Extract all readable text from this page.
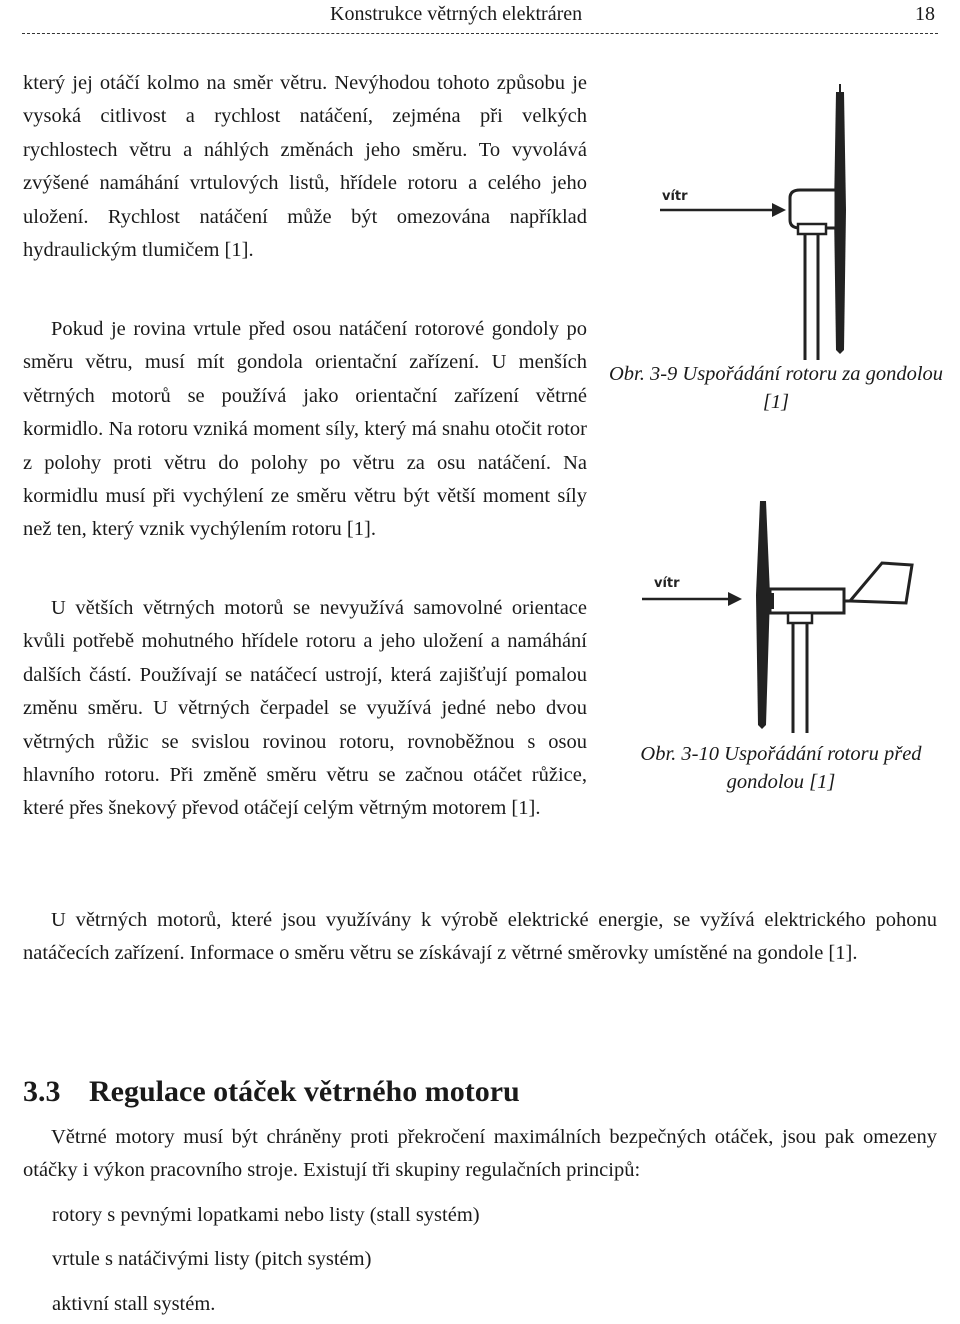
Konstrukce větrných elektráren	18

který jej otáčí kolmo na směr větru. Nevýhodou tohoto způsobu je vysoká citlivost a rychlost natáčení, zejména při velkých rychlostech větru a náhlých změnách jeho směru. To vyvolává zvýšené namáhání vrtulových listů, hřídele rotoru a celého jeho uložení. Rychlost natáčení může být omezována například hydraulickým tlumičem [1].

Pokud je rovina vrtule před osou natáčení rotorové gondoly po směru větru, musí mít gondola orientační zařízení. U menších větrných motorů se používá jako orientační zařízení větrné kormidlo. Na rotoru vzniká moment síly, který má snahu otočit rotor z polohy proti větru do polohy po větru za osu natáčení. Na kormidlu musí při vychýlení ze směru větru být větší moment síly než ten, který vznik vychýlením rotoru [1].

U větších větrných motorů se nevyužívá samovolné orientace kvůli potřebě mohutného hřídele rotoru a jeho uložení a namáhání dalších částí. Používají se natáčecí ustrojí, která zajišťují pomalou změnu směru. U větrných čerpadel se využívá jedné nebo dvou větrných růžic se svislou rovinou rotoru, rovnoběžnou s osou hlavního rotoru. Při změně směru větru se začnou otáčet růžice, které přes šnekový převod otáčejí celým větrným motorem [1].

vítr
Obr. 3-9 Uspořádání rotoru za gondolou [1]
vítr
Obr. 3-10 Uspořádání rotoru před gondolou [1]
U větrných motorů, které jsou využívány k výrobě elektrické energie, se vyžívá elektrického pohonu natáčecích zařízení. Informace o směru větru se získávají z větrné směrovky umístěné na gondole [1].
3.3 Regulace otáček větrného motoru
Větrné motory musí být chráněny proti překročení maximálních bezpečných otáček, jsou pak omezeny otáčky i výkon pracovního stroje. Existují tři skupiny regulačních principů:
rotory s pevnými lopatkami nebo listy (stall systém)
vrtule s natáčivými listy (pitch systém)
aktivní stall systém.
